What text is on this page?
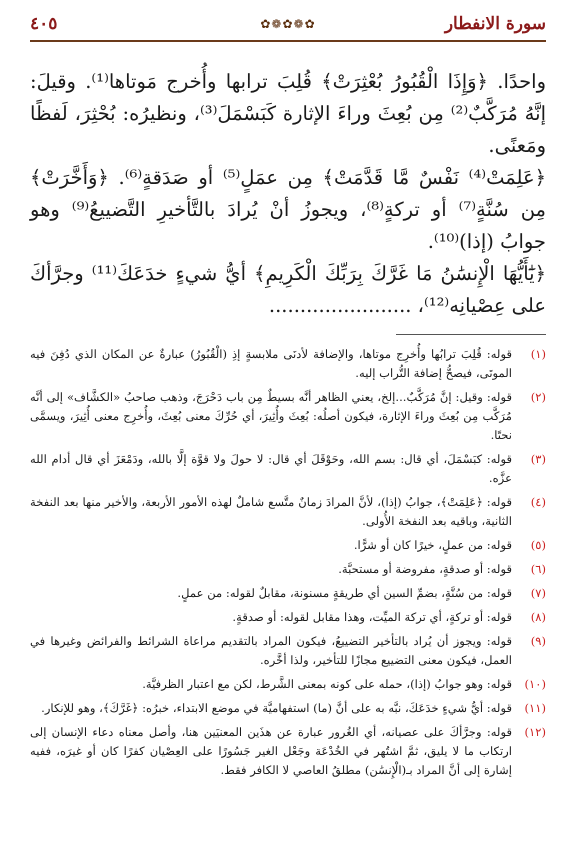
سورة الانفطار
✿❁✿❁✿
٤٠٥

واحدًا. ﴿وَإِذَا الْقُبُورُ بُعْثِرَتْ﴾ قُلِبَ ترابها وأُخرج مَوتاها⁽¹⁾. وقيلَ: إنَّهُ مُرَكَّبٌ⁽²⁾ مِن بُعِثَ وراءَ الإثارة كَبَسْمَلَ⁽³⁾، ونظيرُه: بُحْثِرَ، لَفظًا ومَعنًى.

﴿عَلِمَتْ⁽⁴⁾ نَفْسٌ مَّا قَدَّمَتْ﴾ مِن عمَلٍ⁽⁵⁾ أو صَدَقةٍ⁽⁶⁾. ﴿وَأَخَّرَتْ﴾ مِن سُنَّةٍ⁽⁷⁾ أو تركةٍ⁽⁸⁾، ويجوزُ أنْ يُرادَ بالتَّأخيرِ التَّضييعُ⁽⁹⁾ وهو جوابُ (إذا)⁽¹⁰⁾.

﴿يَٰٓأَيُّهَا الْإِنسَٰنُ مَا غَرَّكَ بِرَبِّكَ الْكَرِيمِ﴾ أيُّ شيءٍ خدَعَكَ⁽¹¹⁾ وجرَّأكَ على عِصْيانِه⁽¹²⁾، .......................

(١)
قوله: قُلِبَ ترابُها وأُخرِج موتاها، والإضافة لأدنَى ملابسةٍ إذِ (الْقُبُورُ) عبارةٌ عن المكان الذي دُفِنَ فيه الموتَى، فيصحُّ إضافة التُّراب إليه.
(٢)
قوله: وقيل: إنَّ مُرَكَّبٌ...إلخ، يعني الظاهر أنَّه بسيطٌ مِن باب دَحْرَجَ، وذهب صاحبُ «الكشَّاف» إلى أنَّه مُرَكَّب مِن بُعِثَ وراءَ الإثارة، فيكون أصلُه: بُعِثَ وأُثِيرَ، أي حُرِّكَ معنى بُعِثَ، وأُخرِج معنى أُثِيرَ، ويسمَّى نحتًا.
(٣)
قوله: كبَسْمَلَ، أي قال: بسم الله، وحَوْقَلَ أي قال: لا حولَ ولا قوَّة إلَّا بالله، ودَمْعَزَ أي قال أدام الله عزَّه.
(٤)
قوله: ﴿عَلِمَتْ﴾، جوابُ (إذا)، لأنَّ المرادَ زمانٌ متَّسع شاملٌ لهذه الأمور الأربعة، والأخير منها بعد النفخة الثانية، وباقيه بعد النفخة الأُولى.
(٥)
قوله: من عملٍ، خيرًا كان أو شرًّا.
(٦)
قوله: أو صدقةٍ، مفروضة أو مستحبَّة.
(٧)
قوله: من سُنَّةٍ، بضمِّ السين أي طريقةٍ مسنونة، مقابلٌ لقوله: من عملٍ.
(٨)
قوله: أو تركةٍ، أي تركة الميِّت، وهذا مقابل لقوله: أو صدقةٍ.
(٩)
قوله: ويجوز أن يُراد بالتأخير التضييعُ، فيكون المراد بالتقديم مراعاة الشرائط والفرائض وغيرها في العمل، فيكون معنى التضييع مجازًا للتأخير، ولذا أخَّره.
(١٠)
قوله: وهو جوابُ (إذا)، حمله على كونه بمعنى الشَّرط، لكن مع اعتبار الظرفيَّة.
(١١)
قوله: أيُّ شيءٍ خدَعَكَ، نبَّه به على أنَّ (ما) استفهاميَّة في موضع الابتداء، خبرُه: ﴿غَرَّكَ﴾، وهو للإنكار.
(١٢)
قوله: وجرَّأكَ على عصيانه، أي الغُرور عبارة عن هذَين المعنيَين هنا، وأصل معناه دعاء الإنسان إلى ارتكاب ما لا يليق، ثمَّ اشتُهر في الخُدْعَة وجَعْل الغير جَسُورًا على العِصْيان كفرًا كان أو غيرَه، ففيه إشارة إلى أنَّ المراد بـ(الْإِنسَٰن) مطلقُ العاصي لا الكافر فقط.
